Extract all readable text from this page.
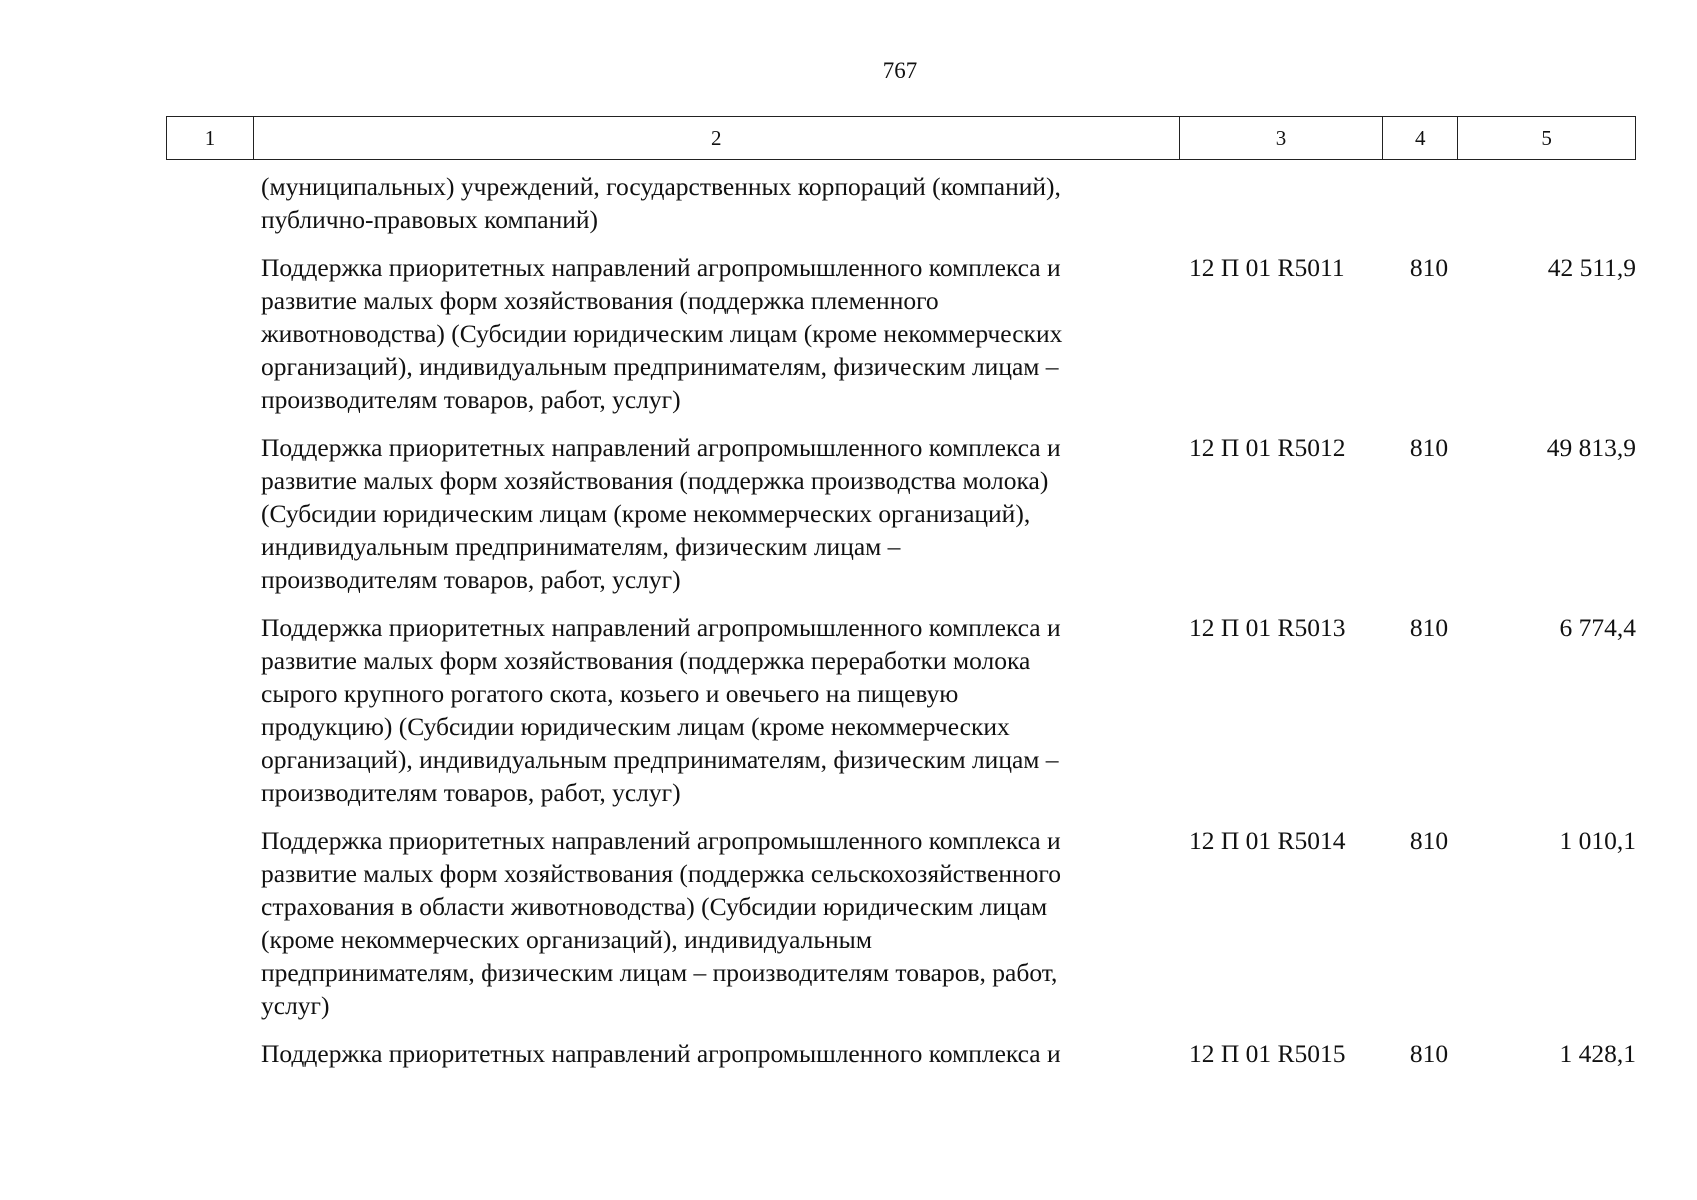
767
1	2	3	4	5
(муниципальных) учреждений, государственных корпораций (компаний),
публично-правовых компаний)
Поддержка приоритетных направлений агропромышленного комплекса и
развитие малых форм хозяйствования (поддержка племенного
животноводства) (Субсидии юридическим лицам (кроме некоммерческих
организаций), индивидуальным предпринимателям, физическим лицам –
производителям товаров, работ, услуг)
12 П 01 R5011	810	42 511,9
Поддержка приоритетных направлений агропромышленного комплекса и
развитие малых форм хозяйствования (поддержка производства молока)
(Субсидии юридическим лицам (кроме некоммерческих организаций),
индивидуальным предпринимателям, физическим лицам –
производителям товаров, работ, услуг)
12 П 01 R5012	810	49 813,9
Поддержка приоритетных направлений агропромышленного комплекса и
развитие малых форм хозяйствования (поддержка переработки молока
сырого крупного рогатого скота, козьего и овечьего на пищевую
продукцию) (Субсидии юридическим лицам (кроме некоммерческих
организаций), индивидуальным предпринимателям, физическим лицам –
производителям товаров, работ, услуг)
12 П 01 R5013	810	6 774,4
Поддержка приоритетных направлений агропромышленного комплекса и
развитие малых форм хозяйствования (поддержка сельскохозяйственного
страхования в области животноводства) (Субсидии юридическим лицам
(кроме некоммерческих организаций), индивидуальным
предпринимателям, физическим лицам – производителям товаров, работ,
услуг)
12 П 01 R5014	810	1 010,1
Поддержка приоритетных направлений агропромышленного комплекса и	12 П 01 R5015	810	1 428,1
